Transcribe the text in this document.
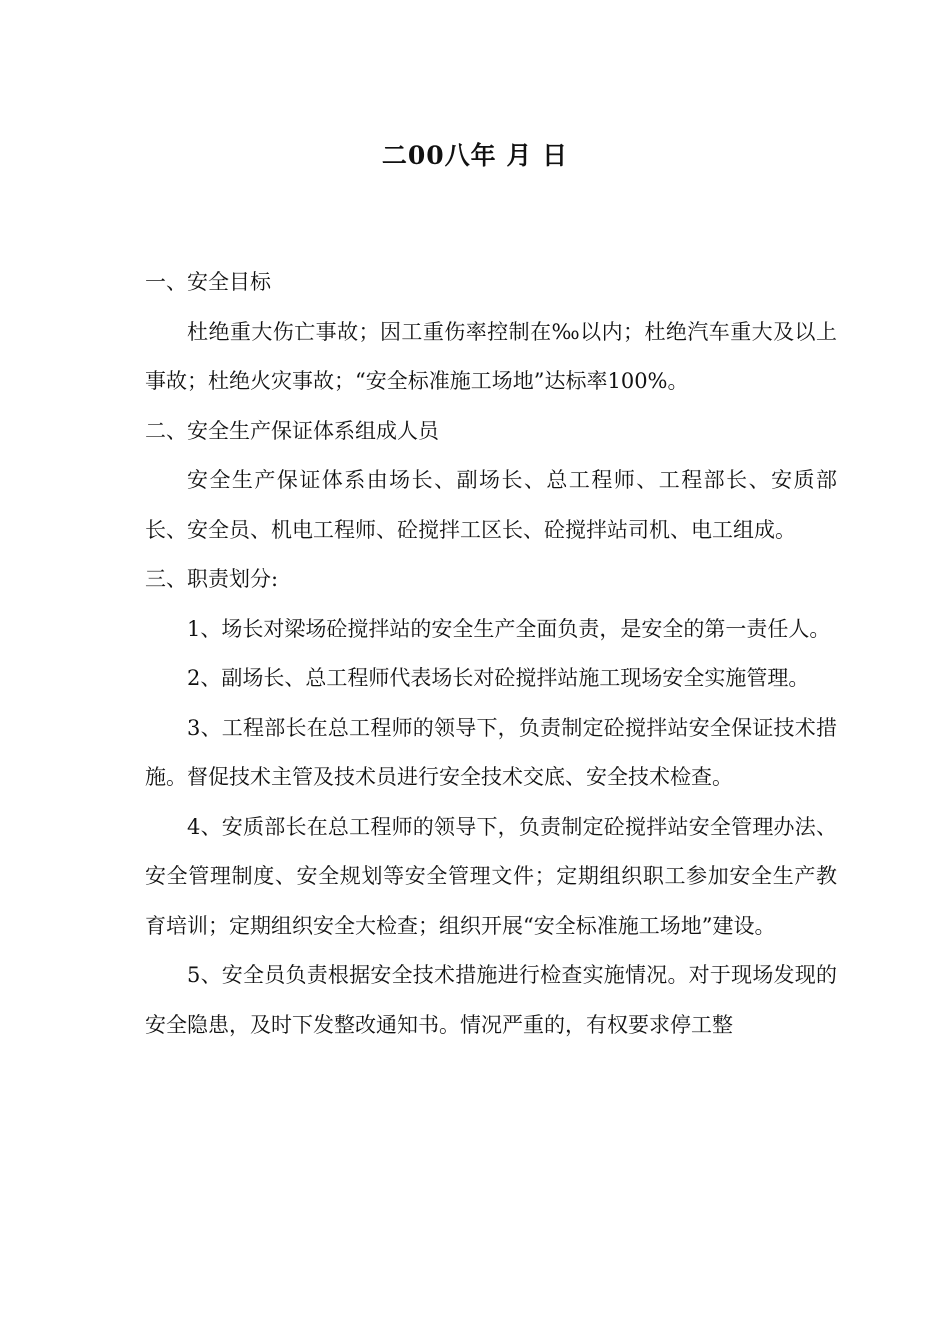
二00八年 月 日

一、安全目标

杜绝重大伤亡事故；因工重伤率控制在‰以内；杜绝汽车重大及以上事故；杜绝火灾事故；“安全标准施工场地”达标率100%。

二、安全生产保证体系组成人员

安全生产保证体系由场长、副场长、总工程师、工程部长、安质部长、安全员、机电工程师、砼搅拌工区长、砼搅拌站司机、电工组成。

三、职责划分:

1、场长对梁场砼搅拌站的安全生产全面负责，是安全的第一责任人。

2、副场长、总工程师代表场长对砼搅拌站施工现场安全实施管理。

3、工程部长在总工程师的领导下，负责制定砼搅拌站安全保证技术措施。督促技术主管及技术员进行安全技术交底、安全技术检查。

4、安质部长在总工程师的领导下，负责制定砼搅拌站安全管理办法、安全管理制度、安全规划等安全管理文件；定期组织职工参加安全生产教育培训；定期组织安全大检查；组织开展“安全标准施工场地”建设。

5、安全员负责根据安全技术措施进行检查实施情况。对于现场发现的安全隐患，及时下发整改通知书。情况严重的，有权要求停工整
